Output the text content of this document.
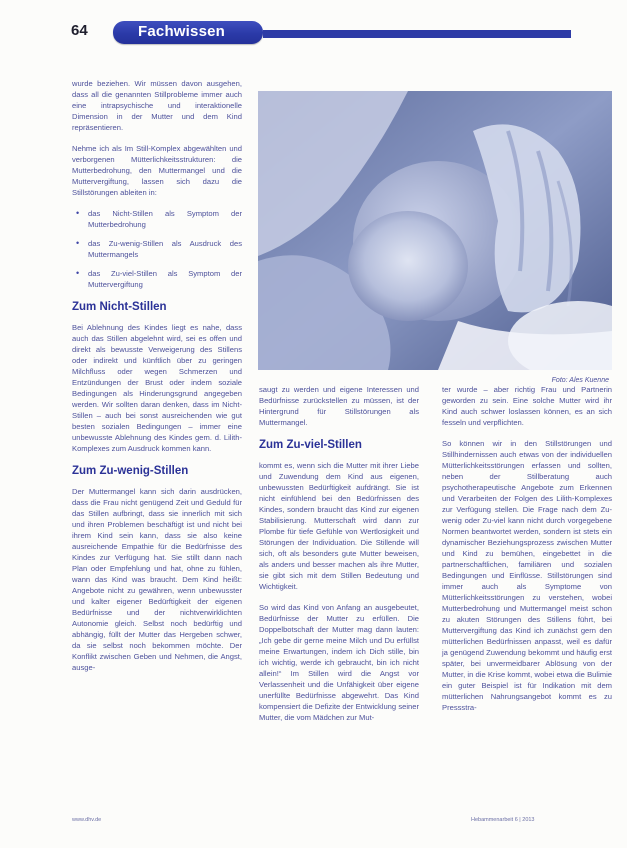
64	Fachwissen

wurde beziehen. Wir müssen davon ausgehen, dass all die genannten Stillprobleme immer auch eine intrapsychische und interaktionelle Dimension in der Mutter und dem Kind repräsentieren.

Nehme ich als Im Still-Komplex abgewählten und verborgenen Mütterlichkeitsstrukturen: die Mutterbedrohung, den Muttermangel und die Muttervergiftung, lassen sich dazu die Stillstörungen ableiten in:

• das Nicht-Stillen als Symptom der Mutterbedrohung
• das Zu-wenig-Stillen als Ausdruck des Muttermangels
• das Zu-viel-Stillen als Symptom der Muttervergiftung
Zum Nicht-Stillen

Bei Ablehnung des Kindes liegt es nahe, dass auch das Stillen abgelehnt wird, sei es offen und direkt als bewusste Verweigerung des Stillens oder indirekt und künftlich über zu geringen Milchfluss oder wegen Schmerzen und Entzündungen der Brust oder indem soziale Bedingungen als Hinderungsgrund angegeben werden. Wir sollten daran denken, dass im Nicht-Stillen – auch bei sonst ausreichenden wie gut besten sozialen Bedingungen – immer eine unbewusste Ablehnung des Kindes gem. d. Lilith-Komplexes zum Ausdruck kommen kann.

Zum Zu-wenig-Stillen

Der Muttermangel kann sich darin ausdrücken, dass die Frau nicht genügend Zeit und Geduld für das Stillen aufbringt, dass sie innerlich mit sich und ihren Problemen beschäftigt ist und nicht bei ihrem Kind sein kann, dass sie also keine ausreichende Empathie für die Bedürfnisse des Kindes zur Verfügung hat. Sie stillt dann nach Plan oder Empfehlung und hat, ohne zu fühlen, wann das Kind was braucht. Dem Kind heißt: Angebote nicht zu gewähren, wenn unbewusster und kalter eigener Bedürftigkeit der eigenen Bedürfnisse und der nichtverwirklichten Autonomie gleich. Selbst noch bedürftig und abhängig, füllt der Mutter das Hergeben schwer, da sie selbst noch bekommen möchte. Der Konflikt zwischen Geben und Nehmen, die Angst, ausge-

Foto: Ales Kuenne

saugt zu werden und eigene Interessen und Bedürfnisse zurückstellen zu müssen, ist der Hintergrund für Stillstörungen als Muttermangel.

Zum Zu-viel-Stillen

kommt es, wenn sich die Mutter mit ihrer Liebe und Zuwendung dem Kind aus eigenen, unbewussten Bedürftigkeit aufdrängt. Sie ist nicht einfühlend bei den Bedürfnissen des Kindes, sondern braucht das Kind zur eigenen Stabilisierung. Mutterschaft wird dann zur Plombe für tiefe Gefühle von Wertlosigkeit und Störungen der Individuation. Die Stillende will sich, oft als besonders gute Mutter beweisen, als anders und besser machen als ihre Mutter, sie gibt sich mit dem Stillen Bedeutung und Wichtigkeit.

So wird das Kind von Anfang an ausgebeutet, Bedürfnisse der Mutter zu erfüllen. Die Doppelbotschaft der Mutter mag dann lauten: „Ich gebe dir gerne meine Milch und Du erfüllst meine Erwartungen, indem ich Dich stille, bin ich wichtig, werde ich gebraucht, bin ich nicht allein!“ Im Stillen wird die Angst vor Verlassenheit und die Unfähigkeit über eigene unerfüllte Bedürfnisse abgewehrt. Das Kind kompensiert die Defizite der Entwicklung seiner Mutter, die vom Mädchen zur Mut-

ter wurde – aber richtig Frau und Partnerin geworden zu sein. Eine solche Mutter wird ihr Kind auch schwer loslassen können, es an sich fesseln und verpflichten.

So können wir in den Stillstörungen und Stillhindernissen auch etwas von der individuellen Mütterlichkeitsstörungen erfassen und sollten, neben der Stillberatung auch psychotherapeutische Angebote zum Erkennen und Verarbeiten der Folgen des Lilith-Komplexes zur Verfügung stellen. Die Frage nach dem Zu-wenig oder Zu-viel kann nicht durch vorgegebene Normen beantwortet werden, sondern ist stets ein dynamischer Beziehungsprozess zwischen Mutter und Kind zu bemühen, eingebettet in die partnerschaftlichen, familiären und sozialen Bedingungen und Einflüsse. Stillstörungen sind immer auch als Symptome von Mütterlichkeitsstörungen zu verstehen, wobei Mutterbedrohung und Muttermangel meist schon zu akuten Störungen des Stillens führt, bei Muttervergiftung das Kind ich zunächst gern den mütterlichen Bedürfnissen anpasst, weil es dafür ja genügend Zuwendung bekommt und häufig erst später, bei unvermeidbarer Ablösung von der Mutter, in die Krise kommt, wobei etwa die Bulimie ein guter Beispiel ist für Indikation mit dem mütterlichen Nahrungsangebot kommt es zu Pressstra-

www.dhv.de	Hebammenarbeit 6 | 2013
